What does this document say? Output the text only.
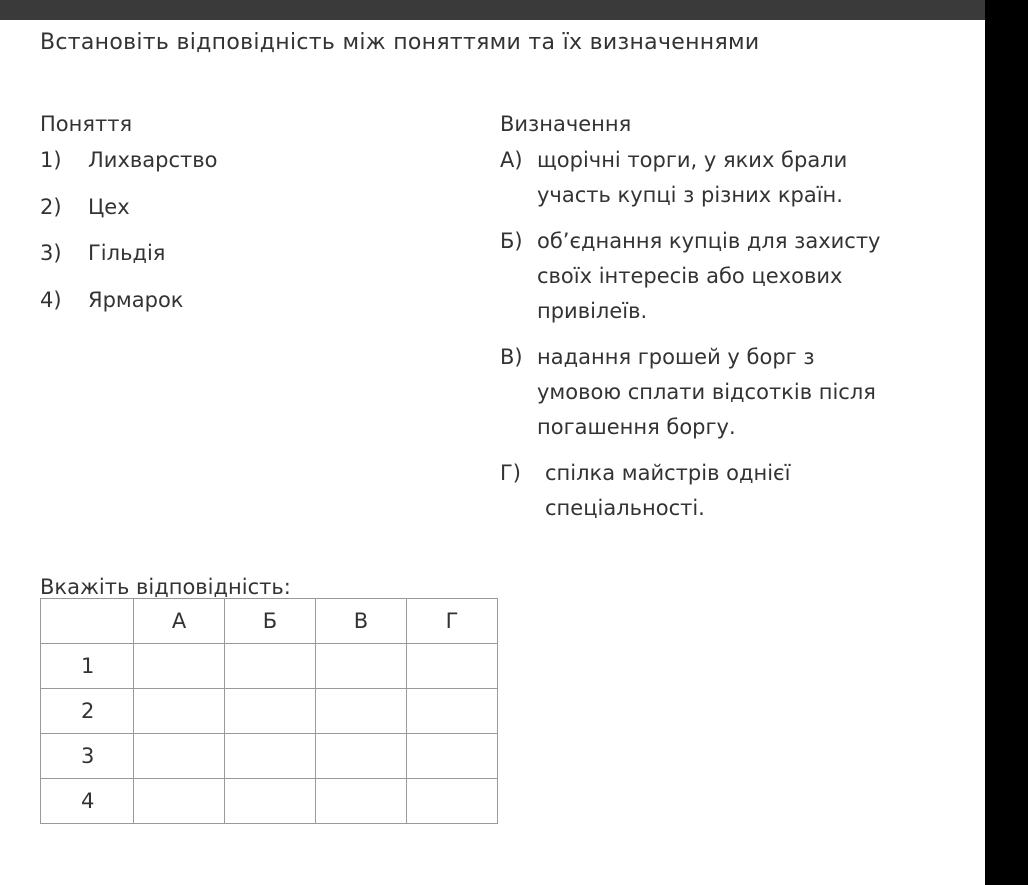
Встановіть відповідність між поняттями та їх визначеннями
Поняття	Визначення
1) Лихварство
2) Цех
3) Гільдія
4) Ярмарок
А) щорічні торги, у яких брали
участь купці з різних країн.
Б) об’єднання купців для захисту
своїх інтересів або цехових
привілеїв.
В) надання грошей у борг з
умовою сплати відсотків після
погашення боргу.
Г) спілка майстрів однієї
спеціальності.
Вкажіть відповідність:
	А	Б	В	Г
1				
2				
3				
4				
